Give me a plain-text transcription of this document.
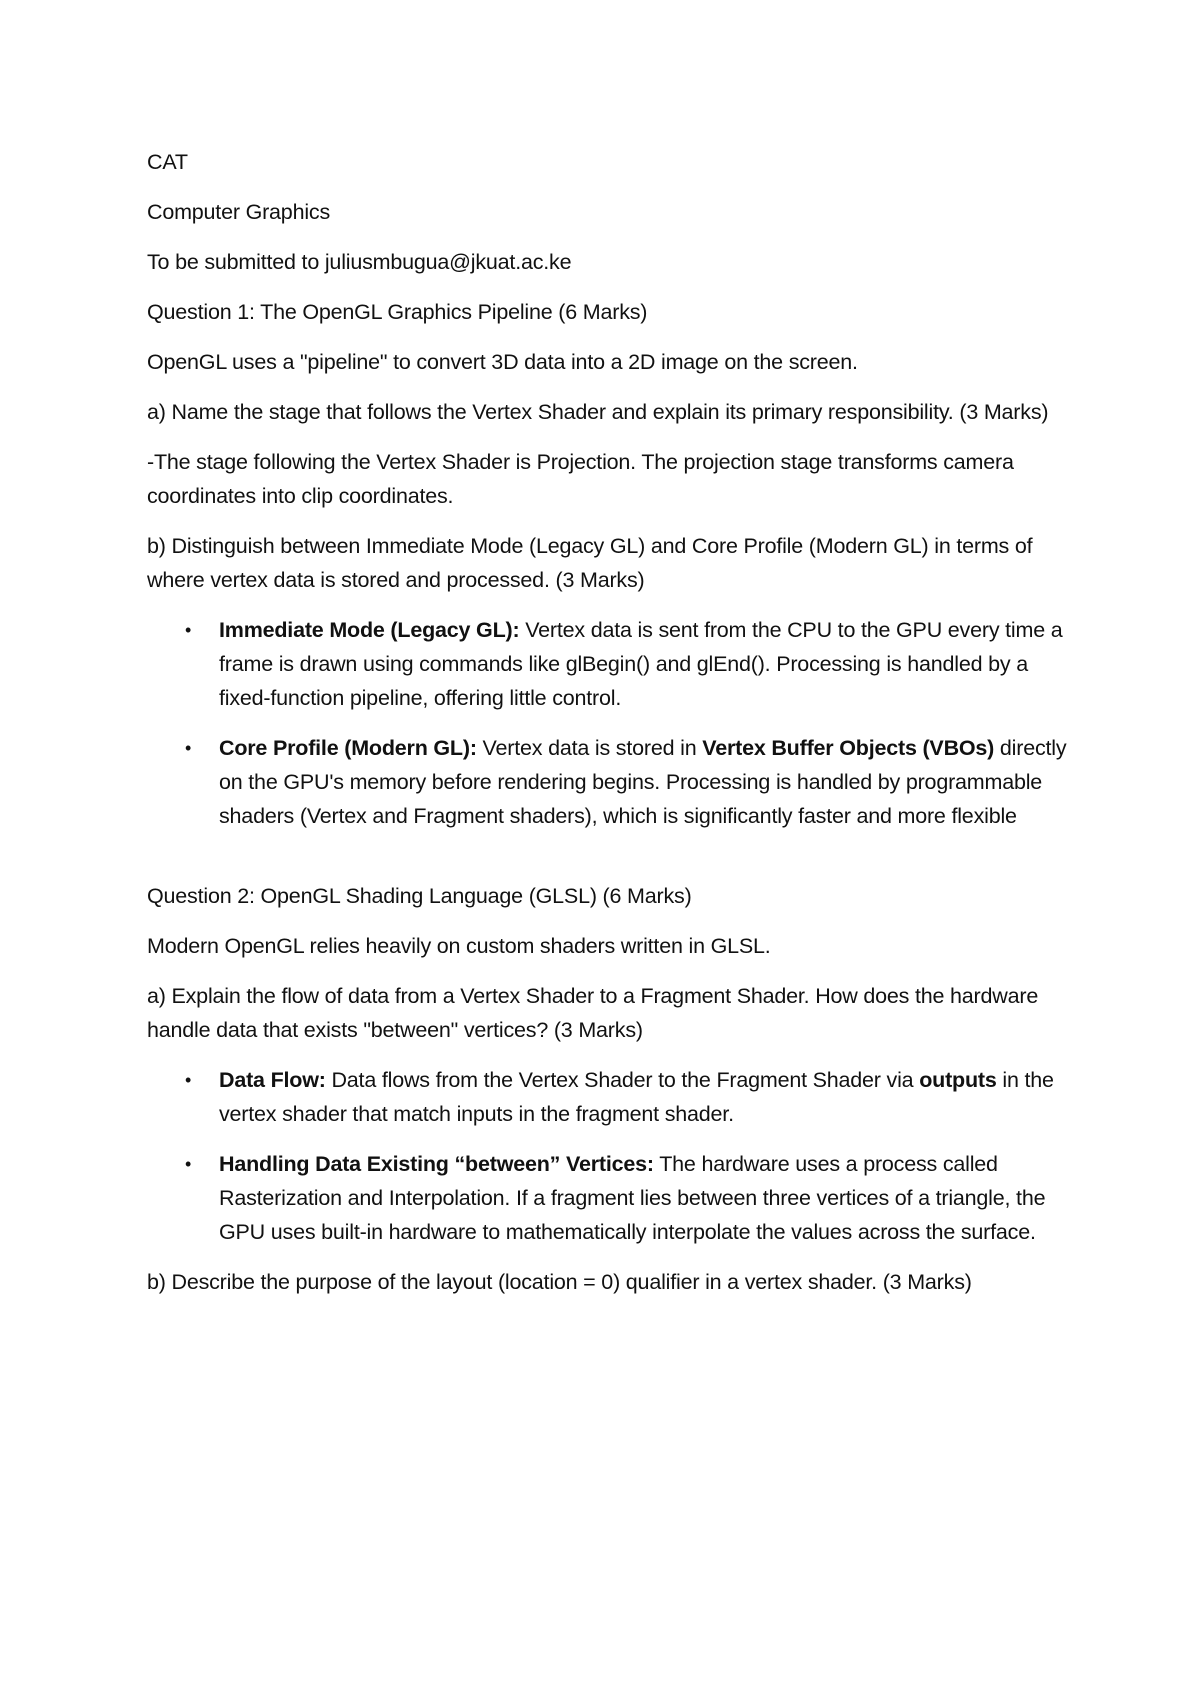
CAT

Computer Graphics

To be submitted to juliusmbugua@jkuat.ac.ke

Question 1: The OpenGL Graphics Pipeline (6 Marks)

OpenGL uses a "pipeline" to convert 3D data into a 2D image on the screen.

a) Name the stage that follows the Vertex Shader and explain its primary responsibility. (3 Marks)

-The stage following the Vertex Shader is Projection. The projection stage transforms camera coordinates into clip coordinates.

b) Distinguish between Immediate Mode (Legacy GL) and Core Profile (Modern GL) in terms of where vertex data is stored and processed. (3 Marks)

• Immediate Mode (Legacy GL): Vertex data is sent from the CPU to the GPU every time a frame is drawn using commands like glBegin() and glEnd(). Processing is handled by a fixed-function pipeline, offering little control.
• Core Profile (Modern GL): Vertex data is stored in Vertex Buffer Objects (VBOs) directly on the GPU's memory before rendering begins. Processing is handled by programmable shaders (Vertex and Fragment shaders), which is significantly faster and more flexible

Question 2: OpenGL Shading Language (GLSL) (6 Marks)

Modern OpenGL relies heavily on custom shaders written in GLSL.

a) Explain the flow of data from a Vertex Shader to a Fragment Shader. How does the hardware handle data that exists "between" vertices? (3 Marks)

• Data Flow: Data flows from the Vertex Shader to the Fragment Shader via outputs in the vertex shader that match inputs in the fragment shader.
• Handling Data Existing “between” Vertices: The hardware uses a process called Rasterization and Interpolation. If a fragment lies between three vertices of a triangle, the GPU uses built-in hardware to mathematically interpolate the values across the surface.

b) Describe the purpose of the layout (location = 0) qualifier in a vertex shader. (3 Marks)
